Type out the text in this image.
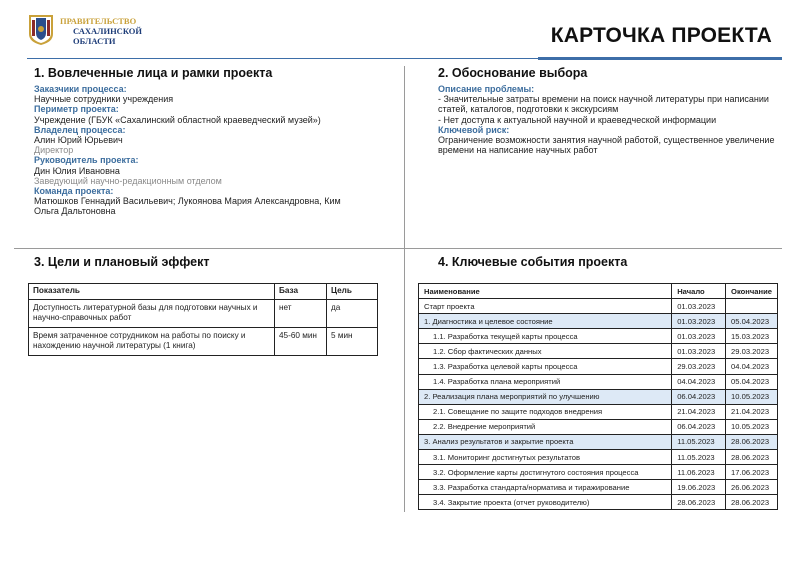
ПРАВИТЕЛЬСТВО
САХАЛИНСКОЙ
ОБЛАСТИ	КАРТОЧКА ПРОЕКТА
1. Вовлеченные лица и рамки проекта
Заказчики процесса:
Научные сотрудники учреждения
Периметр проекта:
Учреждение (ГБУК «Сахалинский областной краеведческий музей»)
Владелец процесса:
Алин Юрий Юрьевич
Директор
Руководитель проекта:
Дин Юлия Ивановна
Заведующий научно-редакционным отделом
Команда проекта:
Матюшков Геннадий Васильевич; Лукоянова Мария Александровна, Ким Ольга Дальтоновна
2. Обоснование выбора
Описание проблемы:
- Значительные затраты времени на поиск научной литературы при написании статей, каталогов, подготовки к экскурсиям
- Нет доступа к актуальной научной и краеведческой информации
Ключевой риск:
Ограничение возможности занятия научной работой, существенное увеличение времени на написание научных работ
3. Цели и плановый эффект
Показатель	База	Цель
Доступность литературной базы для подготовки научных и научно-справочных работ	нет	да
Время затраченное сотрудником на работы по поиску и нахождению научной литературы (1 книга)	45-60 мин	5 мин
4. Ключевые события проекта
Наименование	Начало	Окончание
Старт проекта	01.03.2023	
1. Диагностика и целевое состояние	01.03.2023	05.04.2023
1.1. Разработка текущей карты процесса	01.03.2023	15.03.2023
1.2. Сбор фактических данных	01.03.2023	29.03.2023
1.3. Разработка целевой карты процесса	29.03.2023	04.04.2023
1.4. Разработка плана мероприятий	04.04.2023	05.04.2023
2. Реализация плана мероприятий по улучшению	06.04.2023	10.05.2023
2.1. Совещание по защите подходов внедрения	21.04.2023	21.04.2023
2.2. Внедрение мероприятий	06.04.2023	10.05.2023
3. Анализ результатов и закрытие проекта	11.05.2023	28.06.2023
3.1. Мониторинг достигнутых результатов	11.05.2023	28.06.2023
3.2. Оформление карты достигнутого состояния процесса	11.06.2023	17.06.2023
3.3. Разработка стандарта/норматива и тиражирование	19.06.2023	26.06.2023
3.4. Закрытие проекта (отчет руководителю)	28.06.2023	28.06.2023
